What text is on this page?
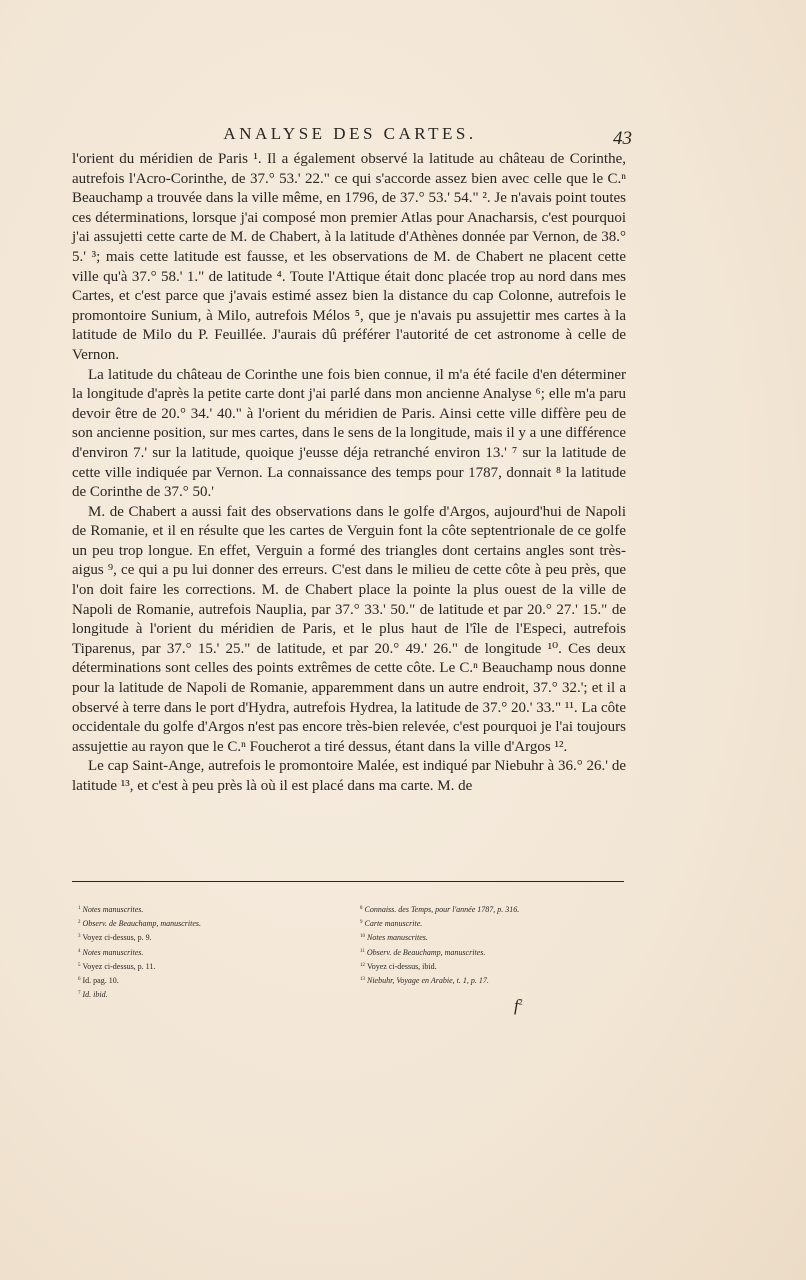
ANALYSE DES CARTES.	43

l'orient du méridien de Paris ¹. Il a également observé la latitude au château de Corinthe, autrefois l'Acro-Corinthe, de 37.° 53.' 22." ce qui s'accorde assez bien avec celle que le C.ⁿ Beauchamp a trouvée dans la ville même, en 1796, de 37.° 53.' 54." ². Je n'avais point toutes ces déterminations, lorsque j'ai composé mon premier Atlas pour Anacharsis, c'est pourquoi j'ai assujetti cette carte de M. de Chabert, à la latitude d'Athènes donnée par Vernon, de 38.° 5.' ³; mais cette latitude est fausse, et les observations de M. de Chabert ne placent cette ville qu'à 37.° 58.' 1." de latitude ⁴. Toute l'Attique était donc placée trop au nord dans mes Cartes, et c'est parce que j'avais estimé assez bien la distance du cap Colonne, autrefois le promontoire Sunium, à Milo, autrefois Mélos ⁵, que je n'avais pu assujettir mes cartes à la latitude de Milo du P. Feuillée. J'aurais dû préférer l'autorité de cet astronome à celle de Vernon.

La latitude du château de Corinthe une fois bien connue, il m'a été facile d'en déterminer la longitude d'après la petite carte dont j'ai parlé dans mon ancienne Analyse ⁶; elle m'a paru devoir être de 20.° 34.' 40." à l'orient du méridien de Paris. Ainsi cette ville diffère peu de son ancienne position, sur mes cartes, dans le sens de la longitude, mais il y a une différence d'environ 7.' sur la latitude, quoique j'eusse déja retranché environ 13.' ⁷ sur la latitude de cette ville indiquée par Vernon. La connaissance des temps pour 1787, donnait ⁸ la latitude de Corinthe de 37.° 50.'

M. de Chabert a aussi fait des observations dans le golfe d'Argos, aujourd'hui de Napoli de Romanie, et il en résulte que les cartes de Verguin font la côte septentrionale de ce golfe un peu trop longue. En effet, Verguin a formé des triangles dont certains angles sont très-aigus ⁹, ce qui a pu lui donner des erreurs. C'est dans le milieu de cette côte à peu près, que l'on doit faire les corrections. M. de Chabert place la pointe la plus ouest de la ville de Napoli de Romanie, autrefois Nauplia, par 37.° 33.' 50." de latitude et par 20.° 27.' 15." de longitude à l'orient du méridien de Paris, et le plus haut de l'île de l'Especi, autrefois Tiparenus, par 37.° 15.' 25." de latitude, et par 20.° 49.' 26." de longitude ¹⁰. Ces deux déterminations sont celles des points extrêmes de cette côte. Le C.ⁿ Beauchamp nous donne pour la latitude de Napoli de Romanie, apparemment dans un autre endroit, 37.° 32.'; et il a observé à terre dans le port d'Hydra, autrefois Hydrea, la latitude de 37.° 20.' 33." ¹¹. La côte occidentale du golfe d'Argos n'est pas encore très-bien relevée, c'est pourquoi je l'ai toujours assujettie au rayon que le C.ⁿ Foucherot a tiré dessus, étant dans la ville d'Argos ¹².

Le cap Saint-Ange, autrefois le promontoire Malée, est indiqué par Niebuhr à 36.° 26.' de latitude ¹³, et c'est à peu près là où il est placé dans ma carte. M. de

$^1$ Notes manuscrites.
$^2$ Observ. de Beauchamp, manuscrites.
$^3$ Voyez ci-dessus, p. 9.
$^4$ Notes manuscrites.
$^5$ Voyez ci-dessus, p. 11.
$^6$ Id. pag. 10.
$^7$ Id. ibid.
$^8$ Connaiss. des Temps, pour l'année 1787, p. 316.
$^9$ Carte manuscrite.
$^{10}$ Notes manuscrites.
$^{11}$ Observ. de Beauchamp, manuscrites.
$^{12}$ Voyez ci-dessus, ibid.
$^{13}$ Niebuhr, Voyage en Arabie, t. 1, p. 17.
$f^2$
